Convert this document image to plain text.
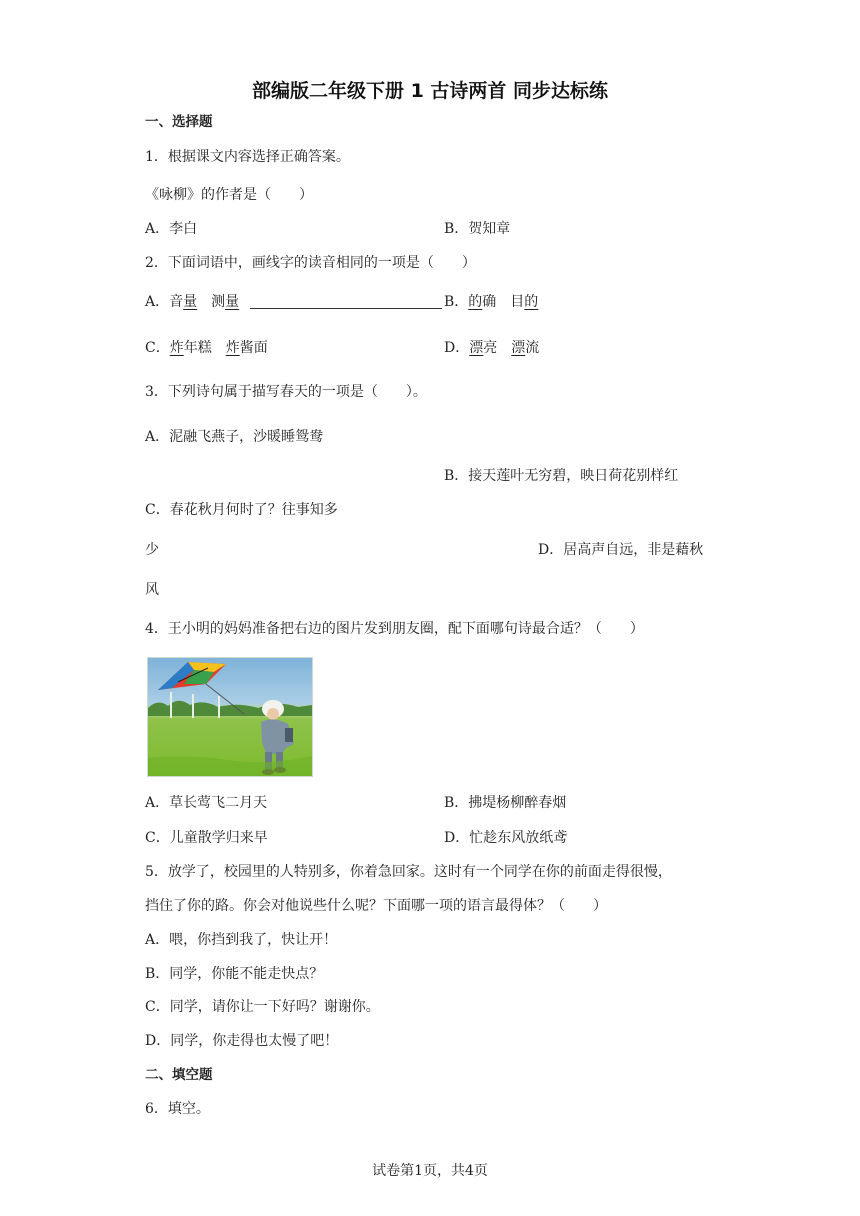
部编版二年级下册 1 古诗两首 同步达标练
一、选择题
1．根据课文内容选择正确答案。
《咏柳》的作者是（　　）
A．李白	B．贺知章
2．下面词语中，画线字的读音相同的一项是（　　）
A．音量　测量	B．的确　目的
C．炸年糕　炸酱面	D．漂亮　漂流
3．下列诗句属于描写春天的一项是（　　）。
A．泥融飞燕子，沙暖睡鸳鸯
B．接天莲叶无穷碧，映日荷花别样红
C．春花秋月何时了？往事知多
少	D．居高声自远，非是藉秋
风
4．王小明的妈妈准备把右边的图片发到朋友圈，配下面哪句诗最合适？（　　）
A．草长莺飞二月天	B．拂堤杨柳醉春烟
C．儿童散学归来早	D．忙趁东风放纸鸢
5．放学了，校园里的人特别多，你着急回家。这时有一个同学在你的前面走得很慢，
挡住了你的路。你会对他说些什么呢？下面哪一项的语言最得体？（　　）
A．喂，你挡到我了，快让开！
B．同学，你能不能走快点？
C．同学，请你让一下好吗？谢谢你。
D．同学，你走得也太慢了吧！
二、填空题
6．填空。
试卷第1页，共4页
